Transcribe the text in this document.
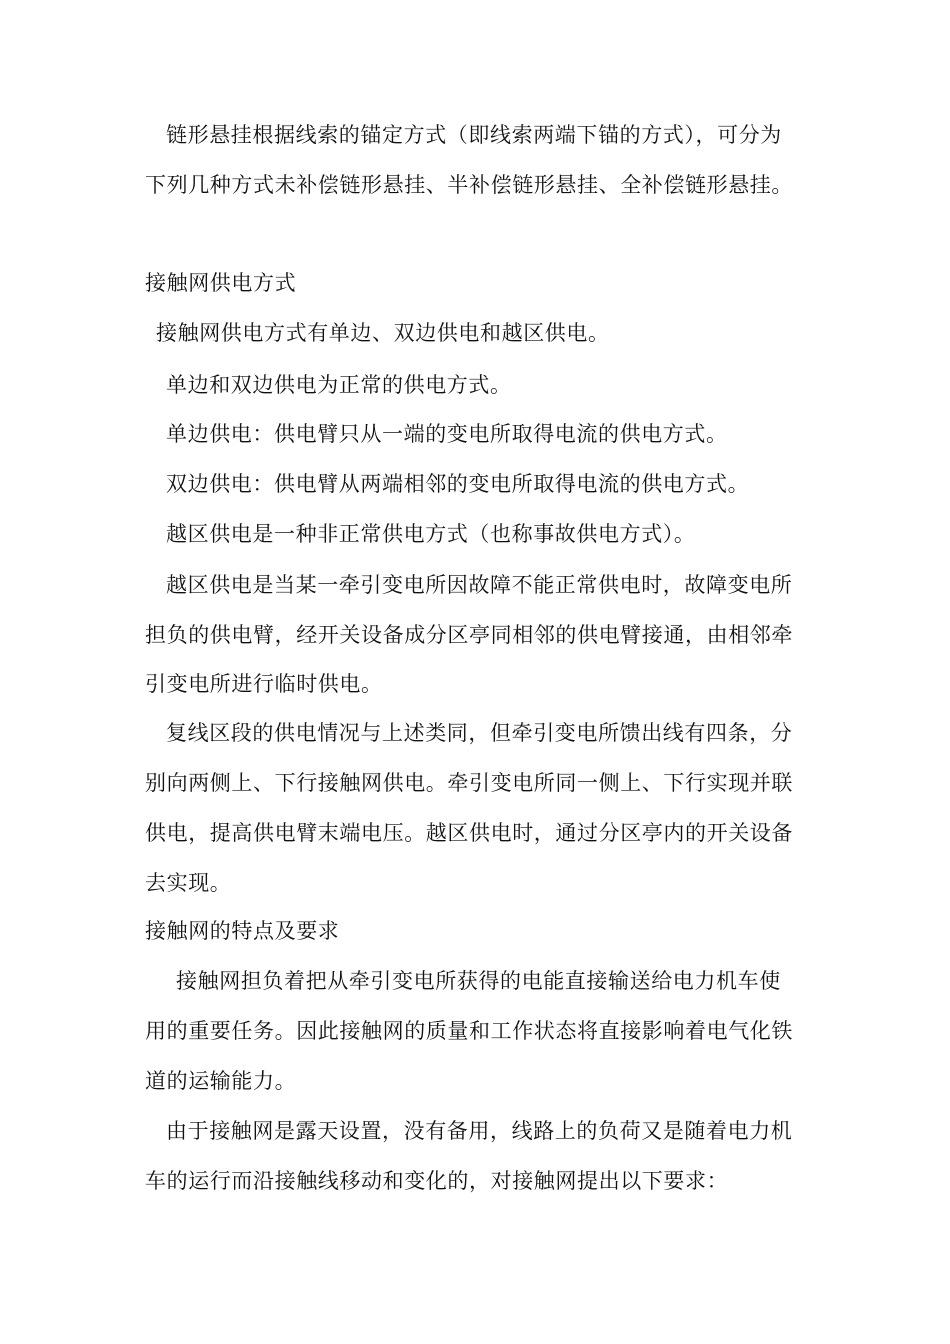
链形悬挂根据线索的锚定方式（即线索两端下锚的方式），可分为
下列几种方式未补偿链形悬挂、半补偿链形悬挂、全补偿链形悬挂。
接触网供电方式
接触网供电方式有单边、双边供电和越区供电。
单边和双边供电为正常的供电方式。
单边供电：供电臂只从一端的变电所取得电流的供电方式。
双边供电：供电臂从两端相邻的变电所取得电流的供电方式。
越区供电是一种非正常供电方式（也称事故供电方式）。
越区供电是当某一牵引变电所因故障不能正常供电时，故障变电所
担负的供电臂，经开关设备成分区亭同相邻的供电臂接通，由相邻牵
引变电所进行临时供电。
复线区段的供电情况与上述类同，但牵引变电所馈出线有四条，分
别向两侧上、下行接触网供电。牵引变电所同一侧上、下行实现并联
供电，提高供电臂末端电压。越区供电时，通过分区亭内的开关设备
去实现。
接触网的特点及要求
接触网担负着把从牵引变电所获得的电能直接输送给电力机车使
用的重要任务。因此接触网的质量和工作状态将直接影响着电气化铁
道的运输能力。
由于接触网是露天设置，没有备用，线路上的负荷又是随着电力机
车的运行而沿接触线移动和变化的，对接触网提出以下要求：
